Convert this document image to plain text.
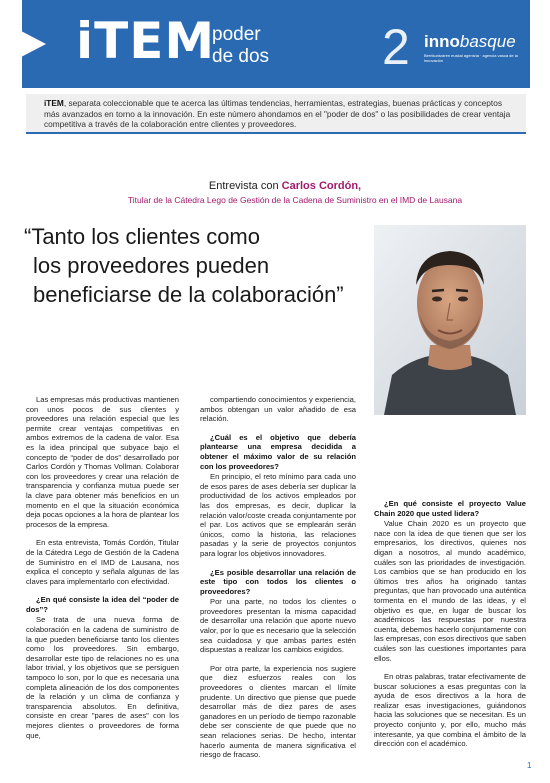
iTEM
poder
de dos 2 innobasque
Berrikuntzaren euskal agentzia · agencia vasca de la innovación

iTEM, separata coleccionable que te acerca las últimas tendencias, herramientas, estrategias, buenas prácticas y conceptos más avanzados en torno a la innovación. En este número ahondamos en el "poder de dos" o las posibilidades de crear ventaja competitiva a través de la colaboración entre clientes y proveedores.

Entrevista con Carlos Cordón,
Titular de la Cátedra Lego de Gestión de la Cadena de Suministro en el IMD de Lausana
“Tanto los clientes como
los proveedores pueden
beneficiarse de la colaboración”

Las empresas más productivas mantienen con unos pocos de sus clientes y proveedores una relación especial que les permite crear ventajas competitivas en ambos extremos de la cadena de valor. Esa es la idea principal que subyace bajo el concepto de “poder de dos” desarrollado por Carlos Cordón y Thomas Vollman. Colaborar con los proveedores y crear una relación de transparencia y confianza mutua puede ser la clave para obtener más beneficios en un momento en el que la situación económica deja pocas opciones a la hora de plantear los procesos de la empresa.

En esta entrevista, Tomás Cordón, Titular de la Cátedra Lego de Gestión de la Cadena de Suministro en el IMD de Lausana, nos explica el concepto y señala algunas de las claves para implementarlo con efectividad.

¿En qué consiste la idea del “poder de dos”?

Se trata de una nueva forma de colaboración en la cadena de suministro de la que pueden beneficiarse tanto los clientes como los proveedores. Sin embargo, desarrollar este tipo de relaciones no es una labor trivial, y los objetivos que se persiguen tampoco lo son, por lo que es necesaria una completa alineación de los dos componentes de la relación y un clima de confianza y transparencia absolutos. En definitiva, consiste en crear "pares de ases" con los mejores clientes o proveedores de forma que,

compartiendo conocimientos y experiencia, ambos obtengan un valor añadido de esa relación.

¿Cuál es el objetivo que debería plantearse una empresa decidida a obtener el máximo valor de su relación con los proveedores?

En principio, el reto mínimo para cada uno de esos pares de ases debería ser duplicar la productividad de los activos empleados por las dos empresas, es decir, duplicar la relación valor/coste creada conjuntamente por el par. Los activos que se emplearán serán únicos, como la historia, las relaciones pasadas y la serie de proyectos conjuntos para lograr los objetivos innovadores.

¿Es posible desarrollar una relación de este tipo con todos los clientes o proveedores?

Por una parte, no todos los clientes o proveedores presentan la misma capacidad de desarrollar una relación que aporte nuevo valor, por lo que es necesario que la selección sea cuidadosa y que ambas partes estén dispuestas a realizar los cambios exigidos.

Por otra parte, la experiencia nos sugiere que diez esfuerzos reales con los proveedores o clientes marcan el límite prudente. Un directivo que piense que puede desarrollar más de diez pares de ases ganadores en un período de tiempo razonable debe ser consciente de que puede que no sean relaciones serias. De hecho, intentar hacerlo aumenta de manera significativa el riesgo de fracaso.

¿En qué consiste el proyecto Value Chain 2020 que usted lidera?

Value Chain 2020 es un proyecto que nace con la idea de que tienen que ser los empresarios, los directivos, quienes nos digan a nosotros, al mundo académico, cuáles son las prioridades de investigación. Los cambios que se han producido en los últimos tres años ha originado tantas preguntas, que han provocado una auténtica tormenta en el mundo de las ideas, y el objetivo es que, en lugar de buscar los académicos las respuestas por nuestra cuenta, debemos hacerlo conjuntamente con las empresas, con esos directivos que saben cuáles son las cuestiones importantes para ellos.

En otras palabras, tratar efectivamente de buscar soluciones a esas preguntas con la ayuda de esos directivos a la hora de realizar esas investigaciones, guiándonos hacia las soluciones que se necesitan. Es un proyecto conjunto y, por ello, mucho más interesante, ya que combina el ámbito de la dirección con el académico.

1
